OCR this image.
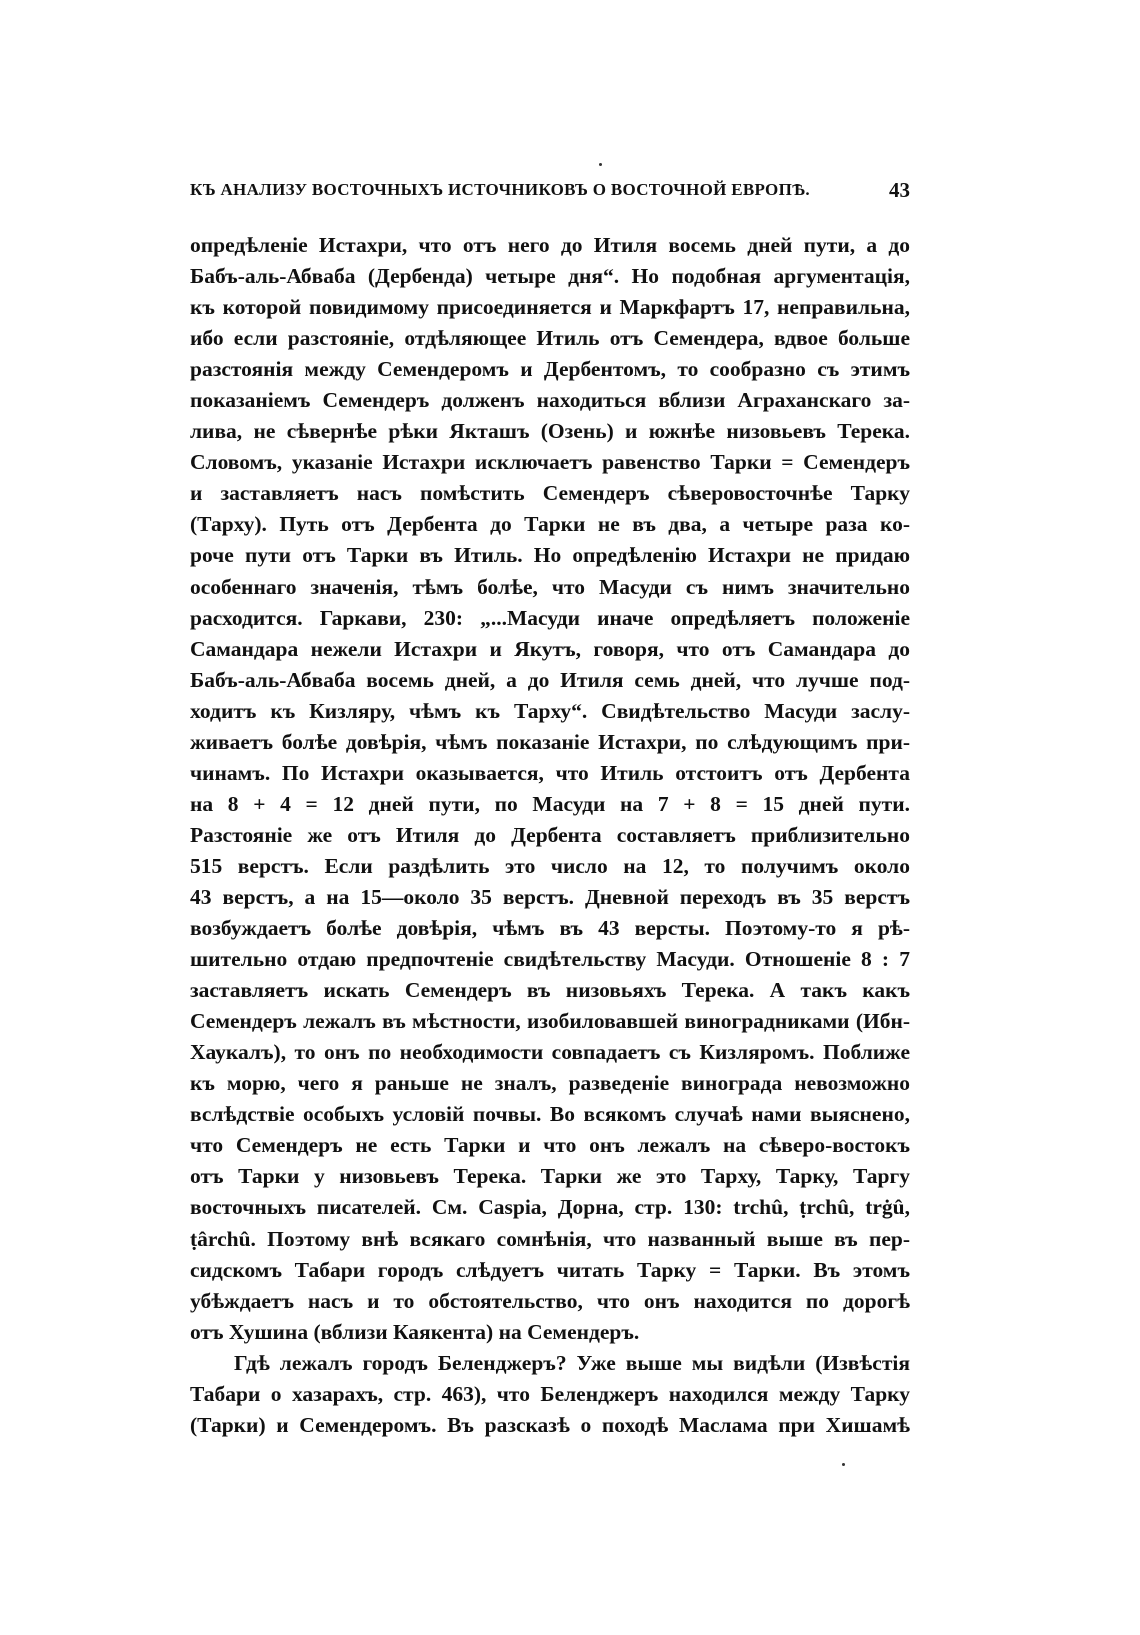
КЪ АНАЛИЗУ ВОСТОЧНЫХЪ ИСТОЧНИКОВЪ О ВОСТОЧНОЙ ЕВРОПѢ.	43
опредѣленіе Истахри, что отъ него до Итиля восемь дней пути, а до
Бабъ-аль-Абваба (Дербенда) четыре дня“. Но подобная аргументація,
къ которой повидимому присоединяется и Маркфартъ 17, неправильна,
ибо если разстояніе, отдѣляющее Итиль отъ Семендера, вдвое больше
разстоянія между Семендеромъ и Дербентомъ, то сообразно съ этимъ
показаніемъ Семендеръ долженъ находиться вблизи Аграханскаго за-
лива, не сѣвернѣе рѣки Якташъ (Озень) и южнѣе низовьевъ Терека.
Словомъ, указаніе Истахри исключаетъ равенство Тарки = Семендеръ
и заставляетъ насъ помѣстить Семендеръ сѣверовосточнѣе Тарку
(Тарху). Путь отъ Дербента до Тарки не въ два, а четыре раза ко-
роче пути отъ Тарки въ Итиль. Но опредѣленію Истахри не придаю
особеннаго значенія, тѣмъ болѣе, что Масуди съ нимъ значительно
расходится. Гаркави, 230: „...Масуди иначе опредѣляетъ положеніе
Самандара нежели Истахри и Якутъ, говоря, что отъ Самандара до
Бабъ-аль-Абваба восемь дней, а до Итиля семь дней, что лучше под-
ходитъ къ Кизляру, чѣмъ къ Тарху“. Свидѣтельство Масуди заслу-
живаетъ болѣе довѣрія, чѣмъ показаніе Истахри, по слѣдующимъ при-
чинамъ. По Истахри оказывается, что Итиль отстоитъ отъ Дербента
на 8 + 4 = 12 дней пути, по Масуди на 7 + 8 = 15 дней пути.
Разстояніе же отъ Итиля до Дербента составляетъ приблизительно
515 верстъ. Если раздѣлить это число на 12, то получимъ около
43 верстъ, а на 15—около 35 верстъ. Дневной переходъ въ 35 верстъ
возбуждаетъ болѣе довѣрія, чѣмъ въ 43 версты. Поэтому-то я рѣ-
шительно отдаю предпочтеніе свидѣтельству Масуди. Отношеніе 8 : 7
заставляетъ искать Семендеръ въ низовьяхъ Терека. А такъ какъ
Семендеръ лежалъ въ мѣстности, изобиловавшей виноградниками (Ибн-
Хаукалъ), то онъ по необходимости совпадаетъ съ Кизляромъ. Поближе
къ морю, чего я раньше не зналъ, разведеніе винограда невозможно
вслѣдствіе особыхъ условій почвы. Во всякомъ случаѣ нами выяснено,
что Семендеръ не есть Тарки и что онъ лежалъ на сѣверо-востокъ
отъ Тарки у низовьевъ Терека. Тарки же это Тарху, Тарку, Таргу
восточныхъ писателей. См. Caspia, Дорна, стр. 130: trchû, ṭrchû, trġû,
ṭârchû. Поэтому внѣ всякаго сомнѣнія, что названный выше въ пер-
сидскомъ Табари городъ слѣдуетъ читать Тарку = Тарки. Въ этомъ
убѣждаетъ насъ и то обстоятельство, что онъ находится по дорогѣ
отъ Хушина (вблизи Каякента) на Семендеръ.
Гдѣ лежалъ городъ Беленджеръ? Уже выше мы видѣли (Извѣстія
Табари о хазарахъ, стр. 463), что Беленджеръ находился между Тарку
(Тарки) и Семендеромъ. Въ разсказѣ о походѣ Маслама при Хишамѣ
